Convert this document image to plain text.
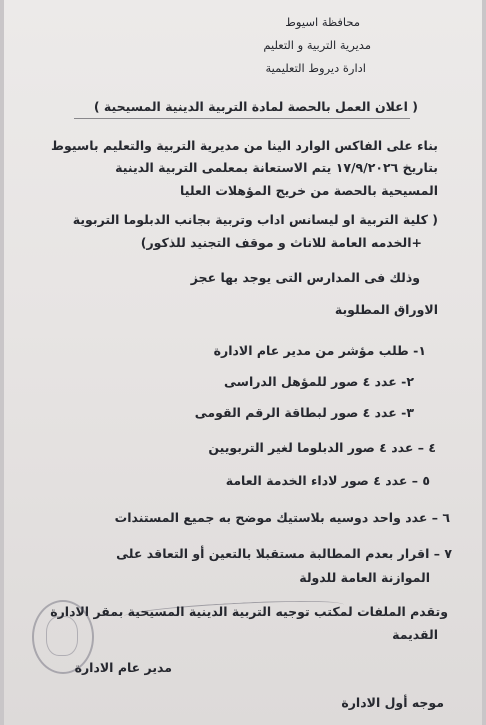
محافظة اسيوط
مديرية التربية و التعليم
ادارة ديروط التعليمية
( اعلان العمل بالحصة لمادة التربية الدينية المسيحية )
بناء على الفاكس الوارد الينا من مديرية التربية والتعليم باسيوط
بتاريخ ١٧/٩/٢٠٢٦ يتم الاستعانة بمعلمى التربية الدينية
المسيحية بالحصة من خريج المؤهلات العليا
( كلية التربية او ليسانس اداب وتربية بجانب الدبلوما التربوية
+الخدمه العامة للاناث و موقف التجنيد للذكور)
وذلك فى المدارس التى يوجد بها عجز
الاوراق المطلوبة
١- طلب مؤشر من مدير عام الادارة
٢- عدد ٤ صور للمؤهل الدراسى
٣- عدد ٤ صور لبطاقة الرقم القومى
٤ – عدد ٤ صور الدبلوما لغير التربويين
٥ – عدد ٤ صور لاداء الخدمة العامة
٦ – عدد واحد دوسيه بلاستيك موضح به جميع المستندات
٧ – اقرار بعدم المطالبة مستقبلا بالتعين أو التعاقد على
الموازنة العامة للدولة
وتقدم الملفات لمكتب توجيه التربية الدينية المسيحية بمقر الادارة
القديمة
مدير عام الادارة
موجه أول الادارة
